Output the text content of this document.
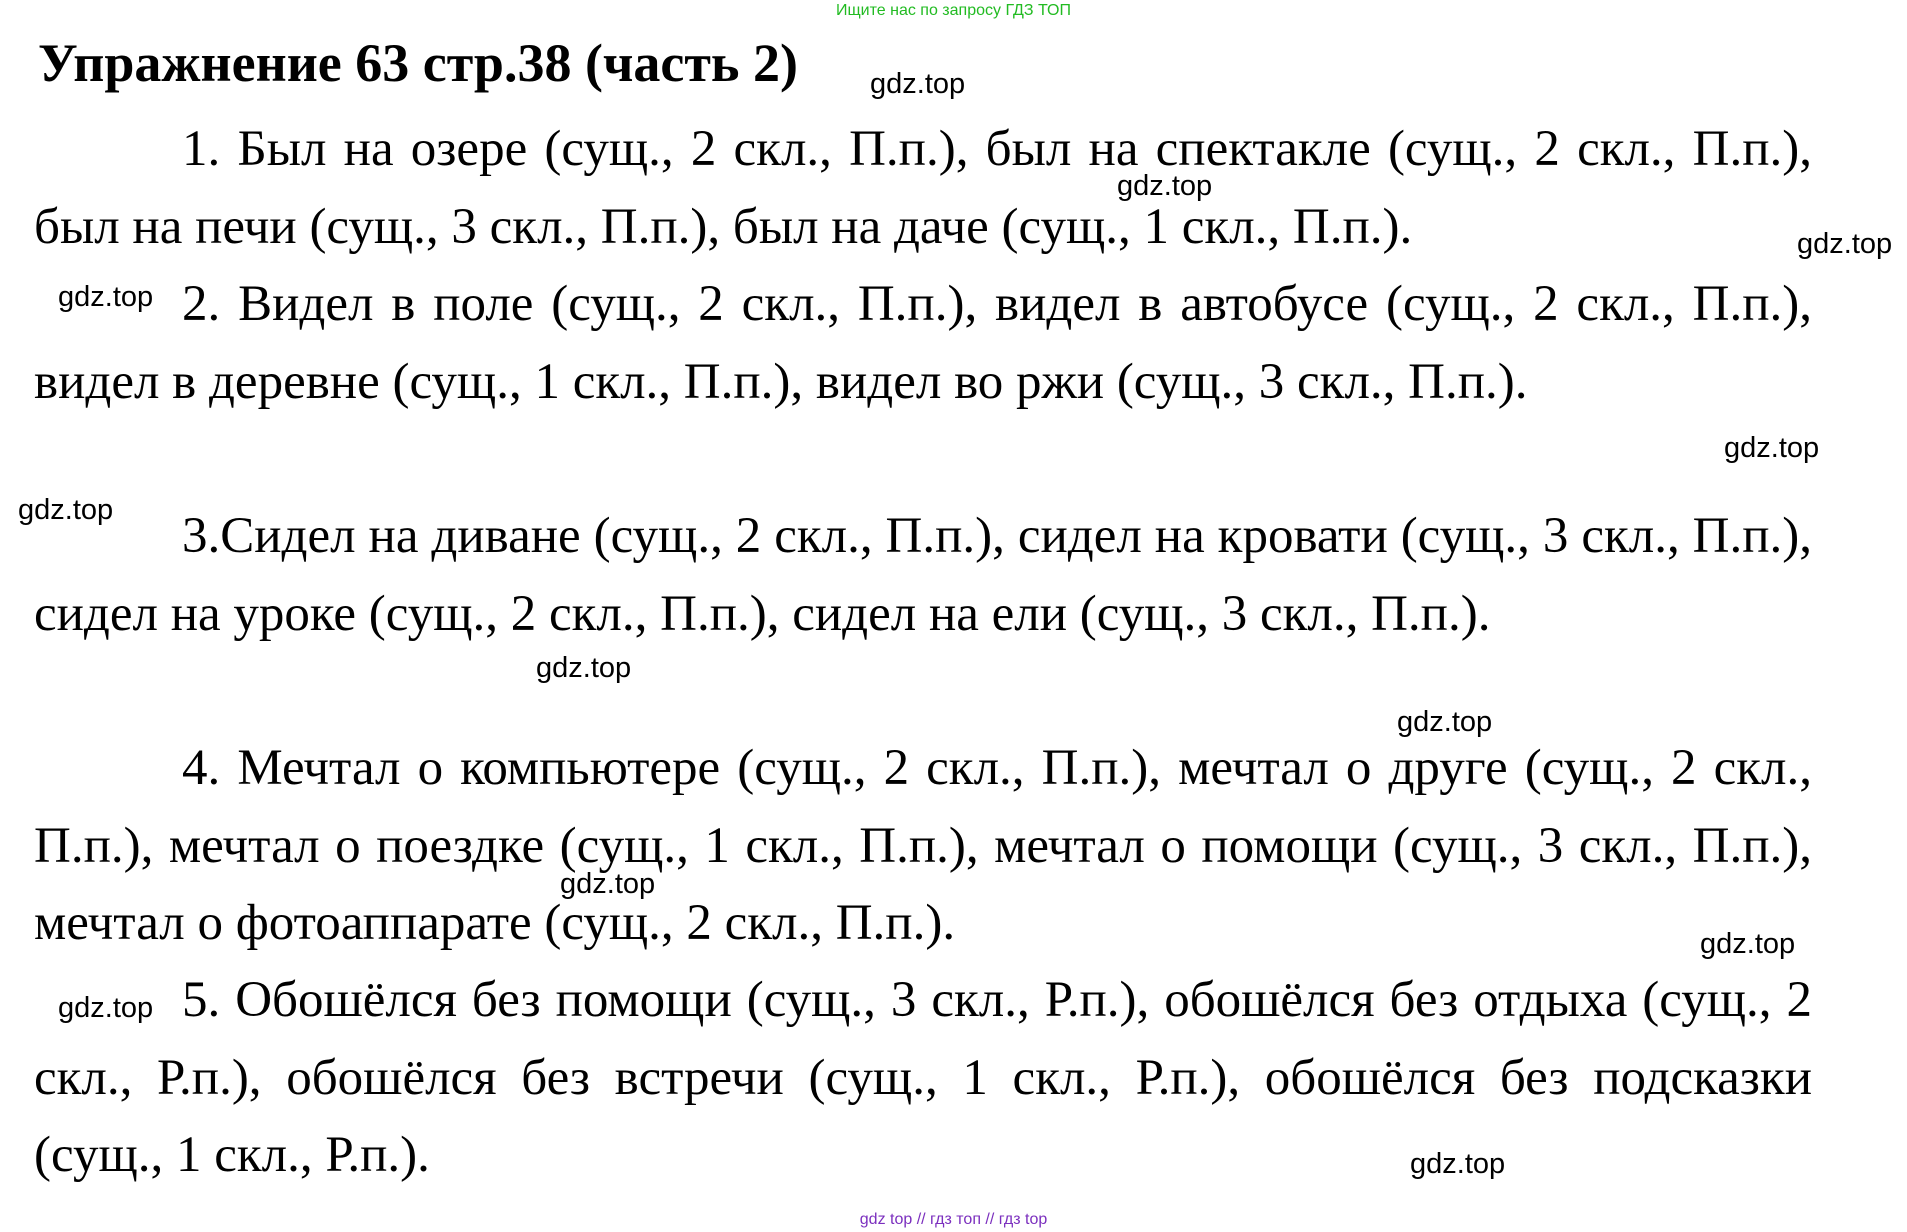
Ищите нас по запросу ГДЗ ТОП
Упражнение 63 стр.38 (часть 2)
1. Был на озере (сущ., 2 скл., П.п.), был на спектакле (сущ., 2 скл., П.п.), был на печи (сущ., 3 скл., П.п.), был на даче (сущ., 1 скл., П.п.).
2. Видел в поле (сущ., 2 скл., П.п.), видел в автобусе (сущ., 2 скл., П.п.), видел в деревне (сущ., 1 скл., П.п.), видел во ржи (сущ., 3 скл., П.п.).
3.Сидел на диване (сущ., 2 скл., П.п.), сидел на кровати (сущ., 3 скл., П.п.), сидел на уроке (сущ., 2 скл., П.п.), сидел на ели (сущ., 3 скл., П.п.).
4. Мечтал о компьютере (сущ., 2 скл., П.п.), мечтал о друге (сущ., 2 скл., П.п.), мечтал о поездке (сущ., 1 скл., П.п.), мечтал о помощи (сущ., 3 скл., П.п.), мечтал о фотоаппарате (сущ., 2 скл., П.п.).
5. Обошёлся без помощи (сущ., 3 скл., Р.п.), обошёлся без отдыха (сущ., 2 скл., Р.п.), обошёлся без встречи (сущ., 1 скл., Р.п.), обошёлся без подсказки (сущ., 1 скл., Р.п.).
gdz.top
gdz.top
gdz.top
gdz.top
gdz.top
gdz.top
gdz.top
gdz.top
gdz.top
gdz.top
gdz.top
gdz.top
gdz top // гдз топ // гдз top
